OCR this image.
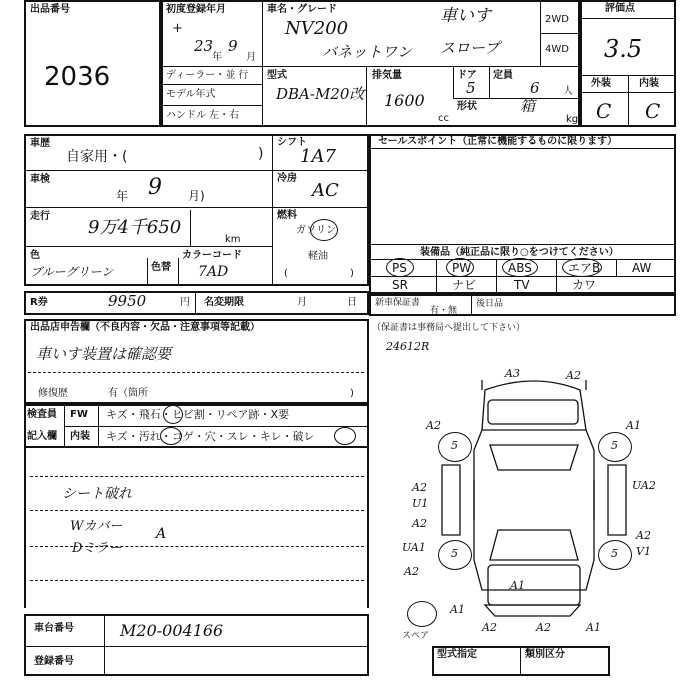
出品番号
2036
初度登録年月
+
23
年
9
月
車名・グレード
NV200
車いす
バネットワン スロープ
2WD
4WD
ディーラー・並 行
モデル年式
ハンドル 左・右
型式
DBA-M20改
排気量
1600
cc
ドア
5
定員
6 人
形状	箱
kg
評価点
3.5
外装	内装
C C
車歴
自家用・(	)
車検
年 9 月)
走行
9万4千650
km
色
ブルーグリーン	色替
カラーコード
7AD
シフト
1A7
冷房
AC
燃料
ガソリン
軽油
(	)
セールスポイント（正常に機能するものに限ります）
装備品（純正品に限り○をつけてください）
PS	PW	ABS	エアB	AW
SR	ナビ	TV	カワ
R券	9950	円 名変期限	月	日 新車保証書
有・無
後日品
（保証書は事務局へ提出して下さい）
24612R
出品店申告欄（不良内容・欠品・注意事項等記載）
車いす装置は確認要
修復歴	有（箇所	)
検査員
記入欄
FW キズ・飛石・ヒビ割・リペア跡・X要
内装 キズ・汚れ・コゲ・穴・スレ・キレ・破レ
シート破れ
Wカバー
Dミラー
A
5	5
5	5
スペア
A3	A2
A2	A1
A2
A2
U1
UA2
A2
UA1	V1
A2
A1
A1
A2	A2	A1
車台番号	M20-004166
登録番号
型式指定	類別区分
